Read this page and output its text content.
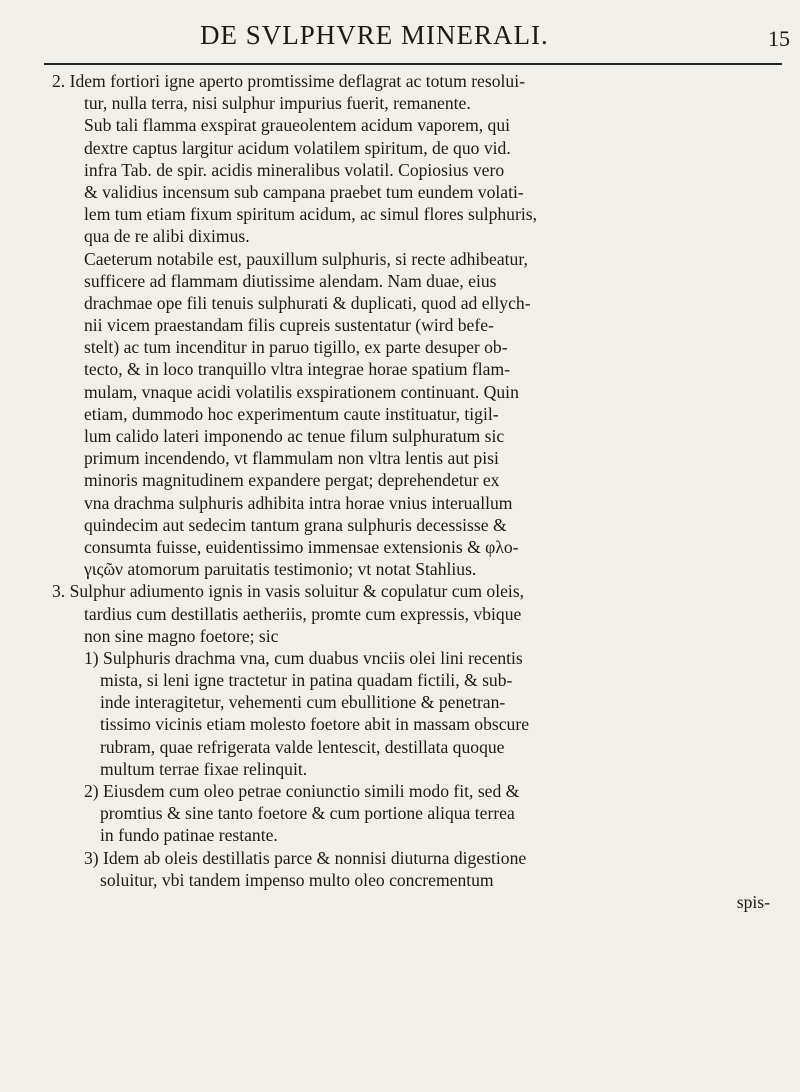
DE SVLPHVRE MINERALI.	15
2. Idem fortiori igne aperto promtissime deflagrat ac totum resolui-
tur, nulla terra, nisi sulphur impurius fuerit, remanente.
Sub tali flamma exspirat graueolentem acidum vaporem, qui
dextre captus largitur acidum volatilem spiritum, de quo vid.
infra Tab. de spir. acidis mineralibus volatil. Copiosius vero
& validius incensum sub campana praebet tum eundem volati-
lem tum etiam fixum spiritum acidum, ac simul flores sulphuris,
qua de re alibi diximus.
Caeterum notabile est, pauxillum sulphuris, si recte adhibeatur,
sufficere ad flammam diutissime alendam. Nam duae, eius
drachmae ope fili tenuis sulphurati & duplicati, quod ad ellych-
nii vicem praestandam filis cupreis sustentatur (wird befe-
stelt) ac tum incenditur in paruo tigillo, ex parte desuper ob-
tecto, & in loco tranquillo vltra integrae horae spatium flam-
mulam, vnaque acidi volatilis exspirationem continuant. Quin
etiam, dummodo hoc experimentum caute instituatur, tigil-
lum calido lateri imponendo ac tenue filum sulphuratum sic
primum incendendo, vt flammulam non vltra lentis aut pisi
minoris magnitudinem expandere pergat; deprehendetur ex
vna drachma sulphuris adhibita intra horae vnius interuallum
quindecim aut sedecim tantum grana sulphuris decessisse &
consumta fuisse, euidentissimo immensae extensionis & φλο-
γιςῶν atomorum paruitatis testimonio; vt notat Stahlius.
3. Sulphur adiumento ignis in vasis soluitur & copulatur cum oleis,
tardius cum destillatis aetheriis, promte cum expressis, vbique
non sine magno foetore; sic
1) Sulphuris drachma vna, cum duabus vnciis olei lini recentis
mista, si leni igne tractetur in patina quadam fictili, & sub-
inde interagitetur, vehementi cum ebullitione & penetran-
tissimo vicinis etiam molesto foetore abit in massam obscure
rubram, quae refrigerata valde lentescit, destillata quoque
multum terrae fixae relinquit.
2) Eiusdem cum oleo petrae coniunctio simili modo fit, sed &
promtius & sine tanto foetore & cum portione aliqua terrea
in fundo patinae restante.
3) Idem ab oleis destillatis parce & nonnisi diuturna digestione
soluitur, vbi tandem impenso multo oleo concrementum
spis-
